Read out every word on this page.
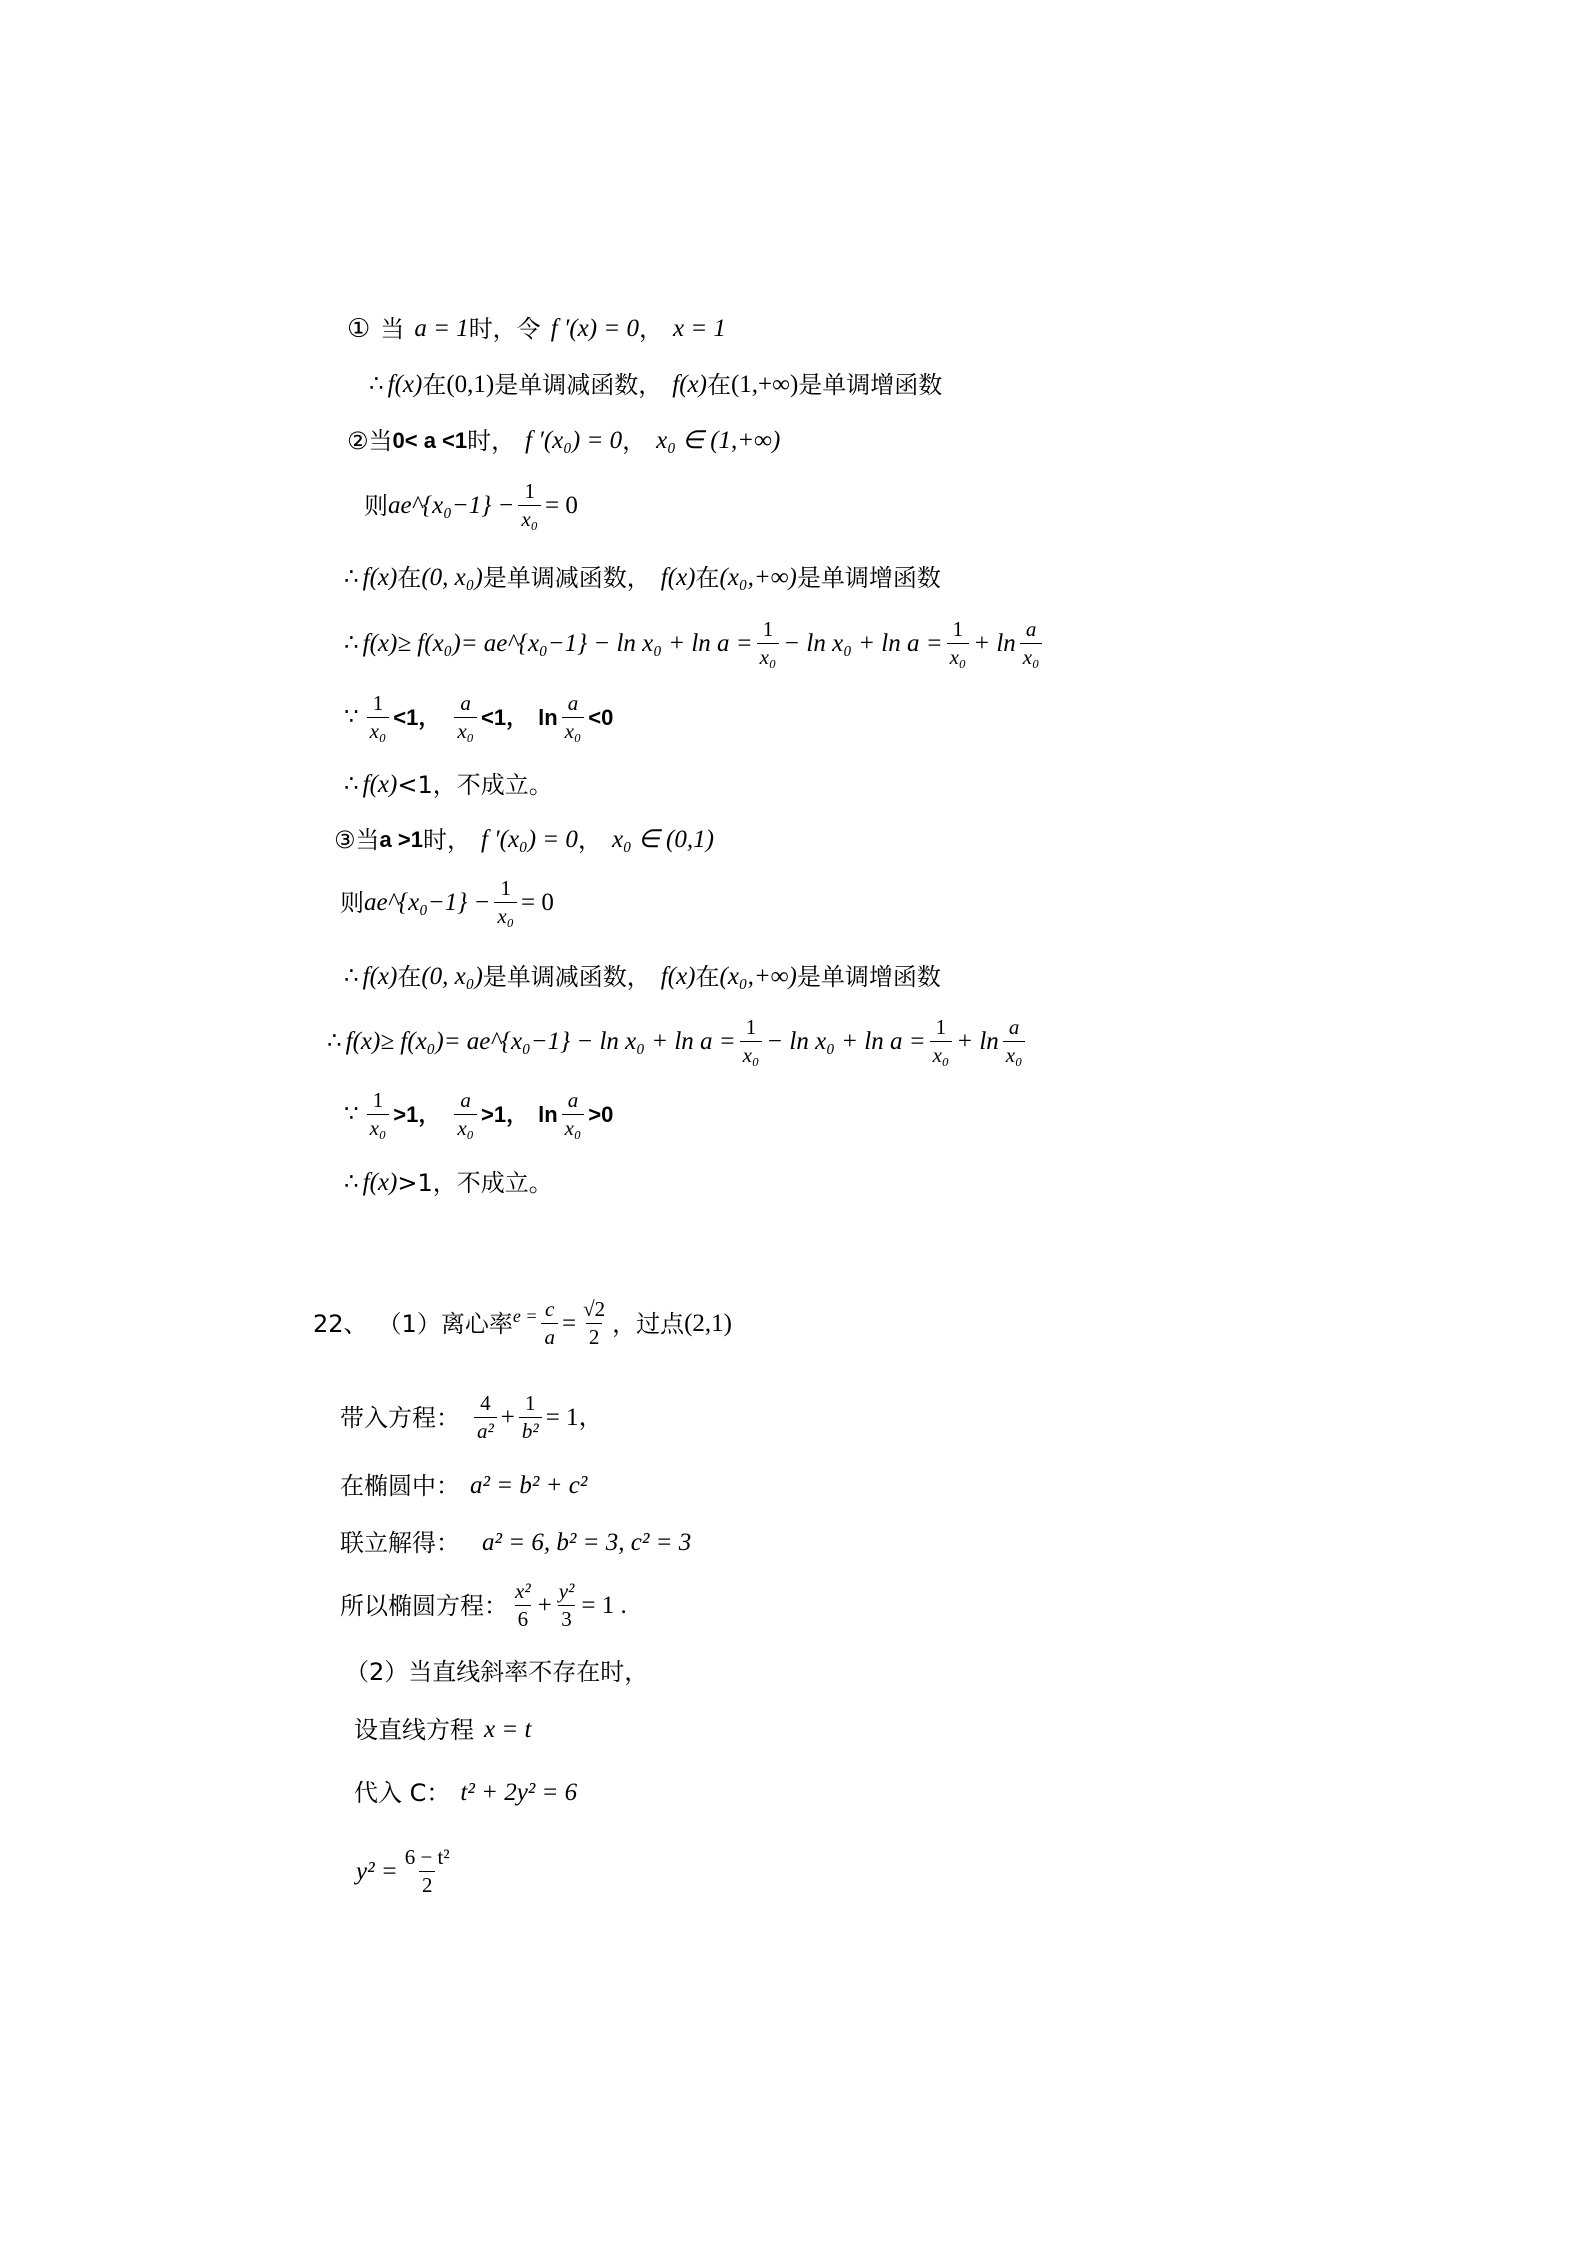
① 当 a = 1 时，令 f ′(x) = 0 ， x = 1
∴ f(x) 在 (0,1) 是单调减函数， f(x) 在 (1,+∞) 是单调增函数
②当 0< a <1 时， f ′(x₀) = 0 ， x₀ ∈ (1,+∞)
则 ae^{x₀−1} − $\frac{1}{\text{x₀}} = 0$
∴ f(x) 在 (0, x₀) 是单调减函数， f(x) 在 (x₀,+∞) 是单调增函数
∴ f(x)≥ f(x₀)= ae^{x₀−1} − $\ln x_0 + \ln a = \frac{1}{\text{x₀}} - \ln x_0 + \ln a = \frac{1}{\text{x₀}} + \ln \frac{a}{\text{x₀}}$
∵ $\frac{1}{\text{x₀}} <1$， $\frac{a}{\text{x₀}} <1$， $\ln \frac{a}{\text{x₀}} <0$
∴ f(x) <1，不成立。
③当 a >1 时， f ′(x₀) = 0 ， x₀ ∈ (0,1)
则 ae^{x₀−1} − $\frac{1}{\text{x₀}} = 0$
∴ f(x) 在 (0, x₀) 是单调减函数， f(x) 在 (x₀,+∞) 是单调增函数
∴ f(x)≥ f(x₀)= ae^{x₀−1} − $\ln x_0 + \ln a = \frac{1}{\text{x₀}} - \ln x_0 + \ln a = \frac{1}{\text{x₀}} + \ln \frac{a}{\text{x₀}}$
∵ $\frac{1}{\text{x₀}} >1$， $\frac{a}{\text{x₀}} >1$， $\ln \frac{a}{\text{x₀}} >0$
∴ f(x) >1，不成立。
22、 （1）离心率 $e = \frac{c}{a} = \frac{√2}{2}$ ，过点 (2,1)
带入方程： $\frac{4}{\text{a²}} + \frac{1}{\text{b²}} = 1$，
在椭圆中： a² = b² + c²
联立解得： a² = 6, b² = 3, c² = 3
所以椭圆方程： $\frac{\text{x²}}{6} + \frac{\text{y²}}{3} = 1$ .
（2）当直线斜率不存在时，
设直线方程 x = t
代入 C： t² + 2y² = 6
$y^2 = \frac{\text{6 − t²}}{2}$
